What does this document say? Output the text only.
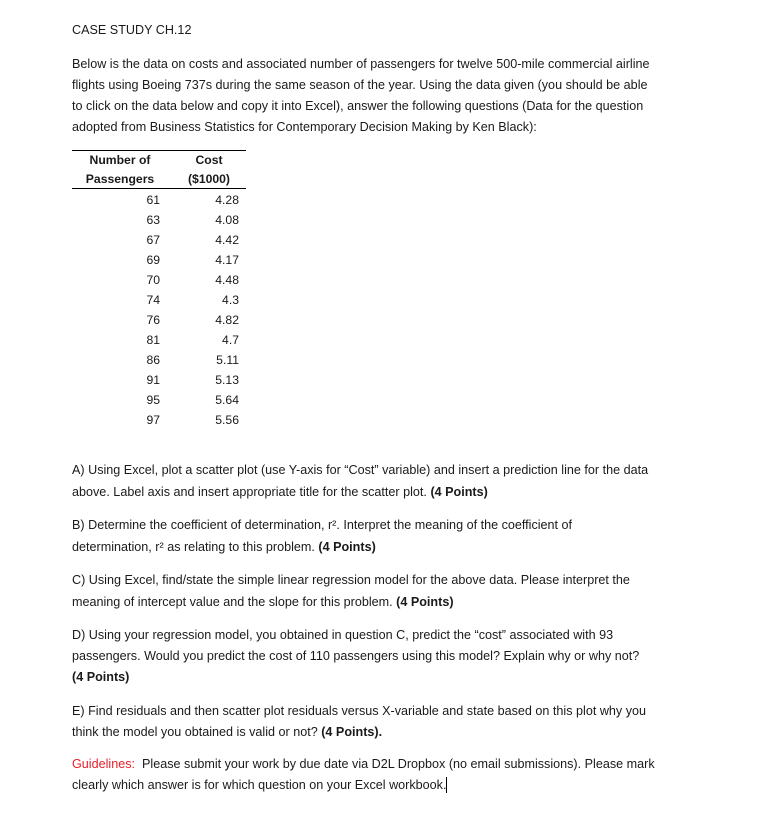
CASE STUDY CH.12
Below is the data on costs and associated number of passengers for twelve 500-mile commercial airline
flights using Boeing 737s during the same season of the year. Using the data given (you should be able
to click on the data below and copy it into Excel), answer the following questions (Data for the question
adopted from Business Statistics for Contemporary Decision Making by Ken Black):
Number of
Passengers
Cost
($1000)
61	4.28
63	4.08
67	4.42
69	4.17
70	4.48
74	4.3
76	4.82
81	4.7
86	5.11
91	5.13
95	5.64
97	5.56
A) Using Excel, plot a scatter plot (use Y-axis for “Cost” variable) and insert a prediction line for the data
above. Label axis and insert appropriate title for the scatter plot. (4 Points)
B) Determine the coefficient of determination, r². Interpret the meaning of the coefficient of
determination, r² as relating to this problem. (4 Points)
C) Using Excel, find/state the simple linear regression model for the above data. Please interpret the
meaning of intercept value and the slope for this problem. (4 Points)
D) Using your regression model, you obtained in question C, predict the “cost” associated with 93
passengers. Would you predict the cost of 110 passengers using this model? Explain why or why not?
(4 Points)
E) Find residuals and then scatter plot residuals versus X-variable and state based on this plot why you
think the model you obtained is valid or not? (4 Points).
Guidelines: Please submit your work by due date via D2L Dropbox (no email submissions). Please mark
clearly which answer is for which question on your Excel workbook.
